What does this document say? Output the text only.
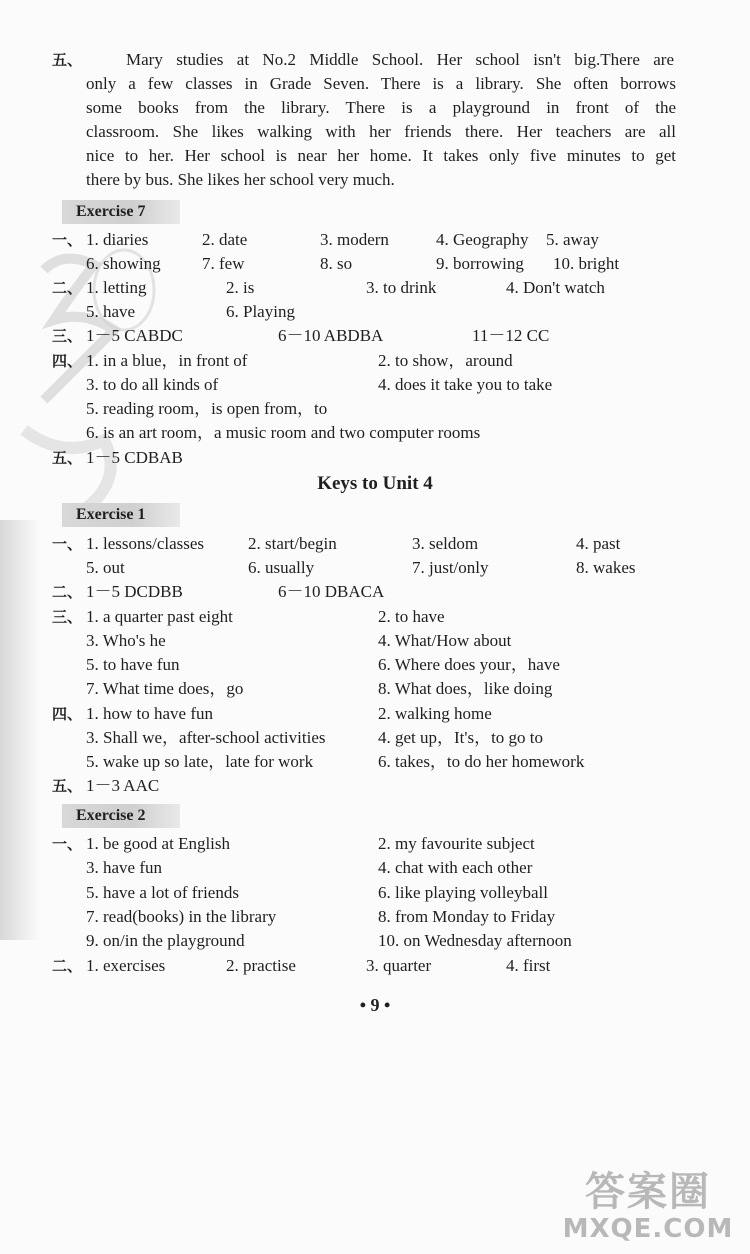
五、	Mary studies at No.2 Middle School. Her school isn't big.There are
only a few classes in Grade Seven. There is a library. She often borrows
some books from the library. There is a playground in front of the
classroom. She likes walking with her friends there. Her teachers are all
nice to her. Her school is near her home. It takes only five minutes to get
there by bus. She likes her school very much.
Exercise 7
一、 1. diaries	2. date	3. modern	4. Geography 5. away
6. showing 7. few	8. so	9. borrowing 10. bright
二、 1. letting	2. is	3. to drink	4. Don't watch
5. have	6. Playing
三、 1－5 CABDC	6－10 ABDBA	11－12 CC
四、 1. in a blue，in front of	2. to show，around
3. to do all kinds of	4. does it take you to take
5. reading room，is open from，to
6. is an art room，a music room and two computer rooms
五、 1－5 CDBAB
Keys to Unit 4
Exercise 1
一、 1. lessons/classes	2. start/begin	3. seldom	4. past
5. out	6. usually	7. just/only	8. wakes
二、 1－5 DCDBB	6－10 DBACA
三、 1. a quarter past eight	2. to have
3. Who's he	4. What/How about
5. to have fun	6. Where does your，have
7. What time does，go	8. What does，like doing
四、 1. how to have fun	2. walking home
3. Shall we，after-school activities	4. get up，It's，to go to
5. wake up so late，late for work	6. takes，to do her homework
五、 1－3 AAC
Exercise 2
一、 1. be good at English	2. my favourite subject
3. have fun	4. chat with each other
5. have a lot of friends	6. like playing volleyball
7. read(books) in the library	8. from Monday to Friday
9. on/in the playground	10. on Wednesday afternoon
二、 1. exercises	2. practise	3. quarter	4. first
• 9 •
答案圈
MXQE.COM
